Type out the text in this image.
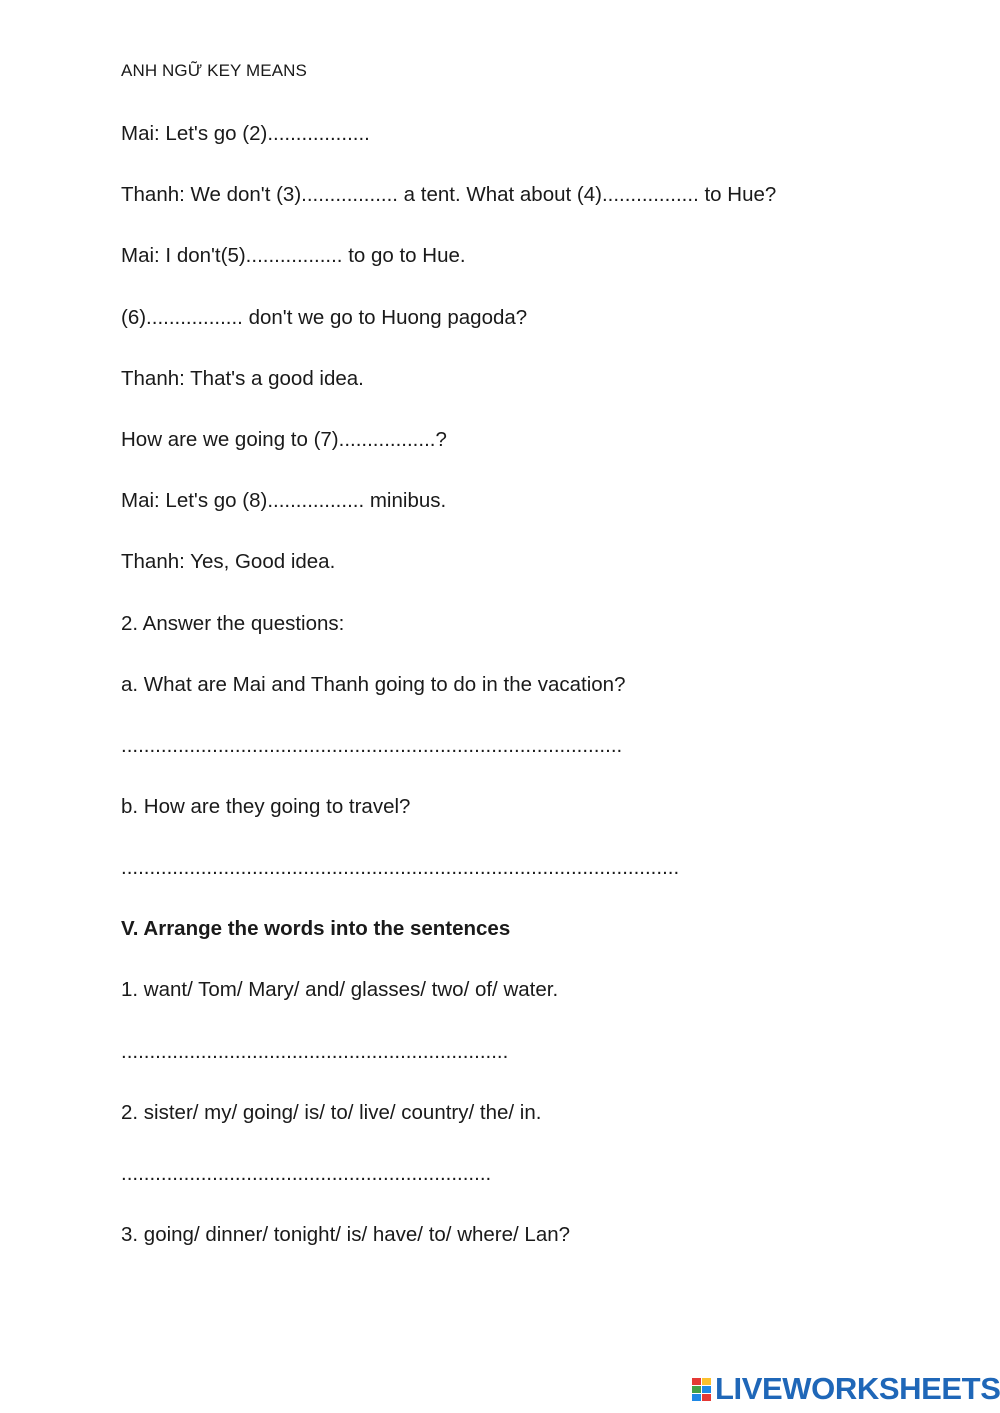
ANH NGỮ KEY MEANS
Mai: Let's go (2)..................
Thanh: We don't (3)................. a tent. What about (4)................. to Hue?
Mai: I don't(5)................. to go to Hue.
(6)................. don't we go to Huong pagoda?
Thanh: That's a good idea.
How are we going to (7).................?
Mai: Let's go (8)................. minibus.
Thanh: Yes, Good idea.
2. Answer the questions:
a. What are Mai and Thanh going to do in the vacation?
........................................................................................
b. How are they going to travel?
..................................................................................................
V. Arrange the words into the sentences
1. want/ Tom/ Mary/ and/ glasses/ two/ of/ water.
....................................................................
2. sister/ my/ going/ is/ to/ live/ country/ the/ in.
.................................................................
3. going/ dinner/ tonight/ is/ have/ to/ where/ Lan?
LIVEWORKSHEETS
